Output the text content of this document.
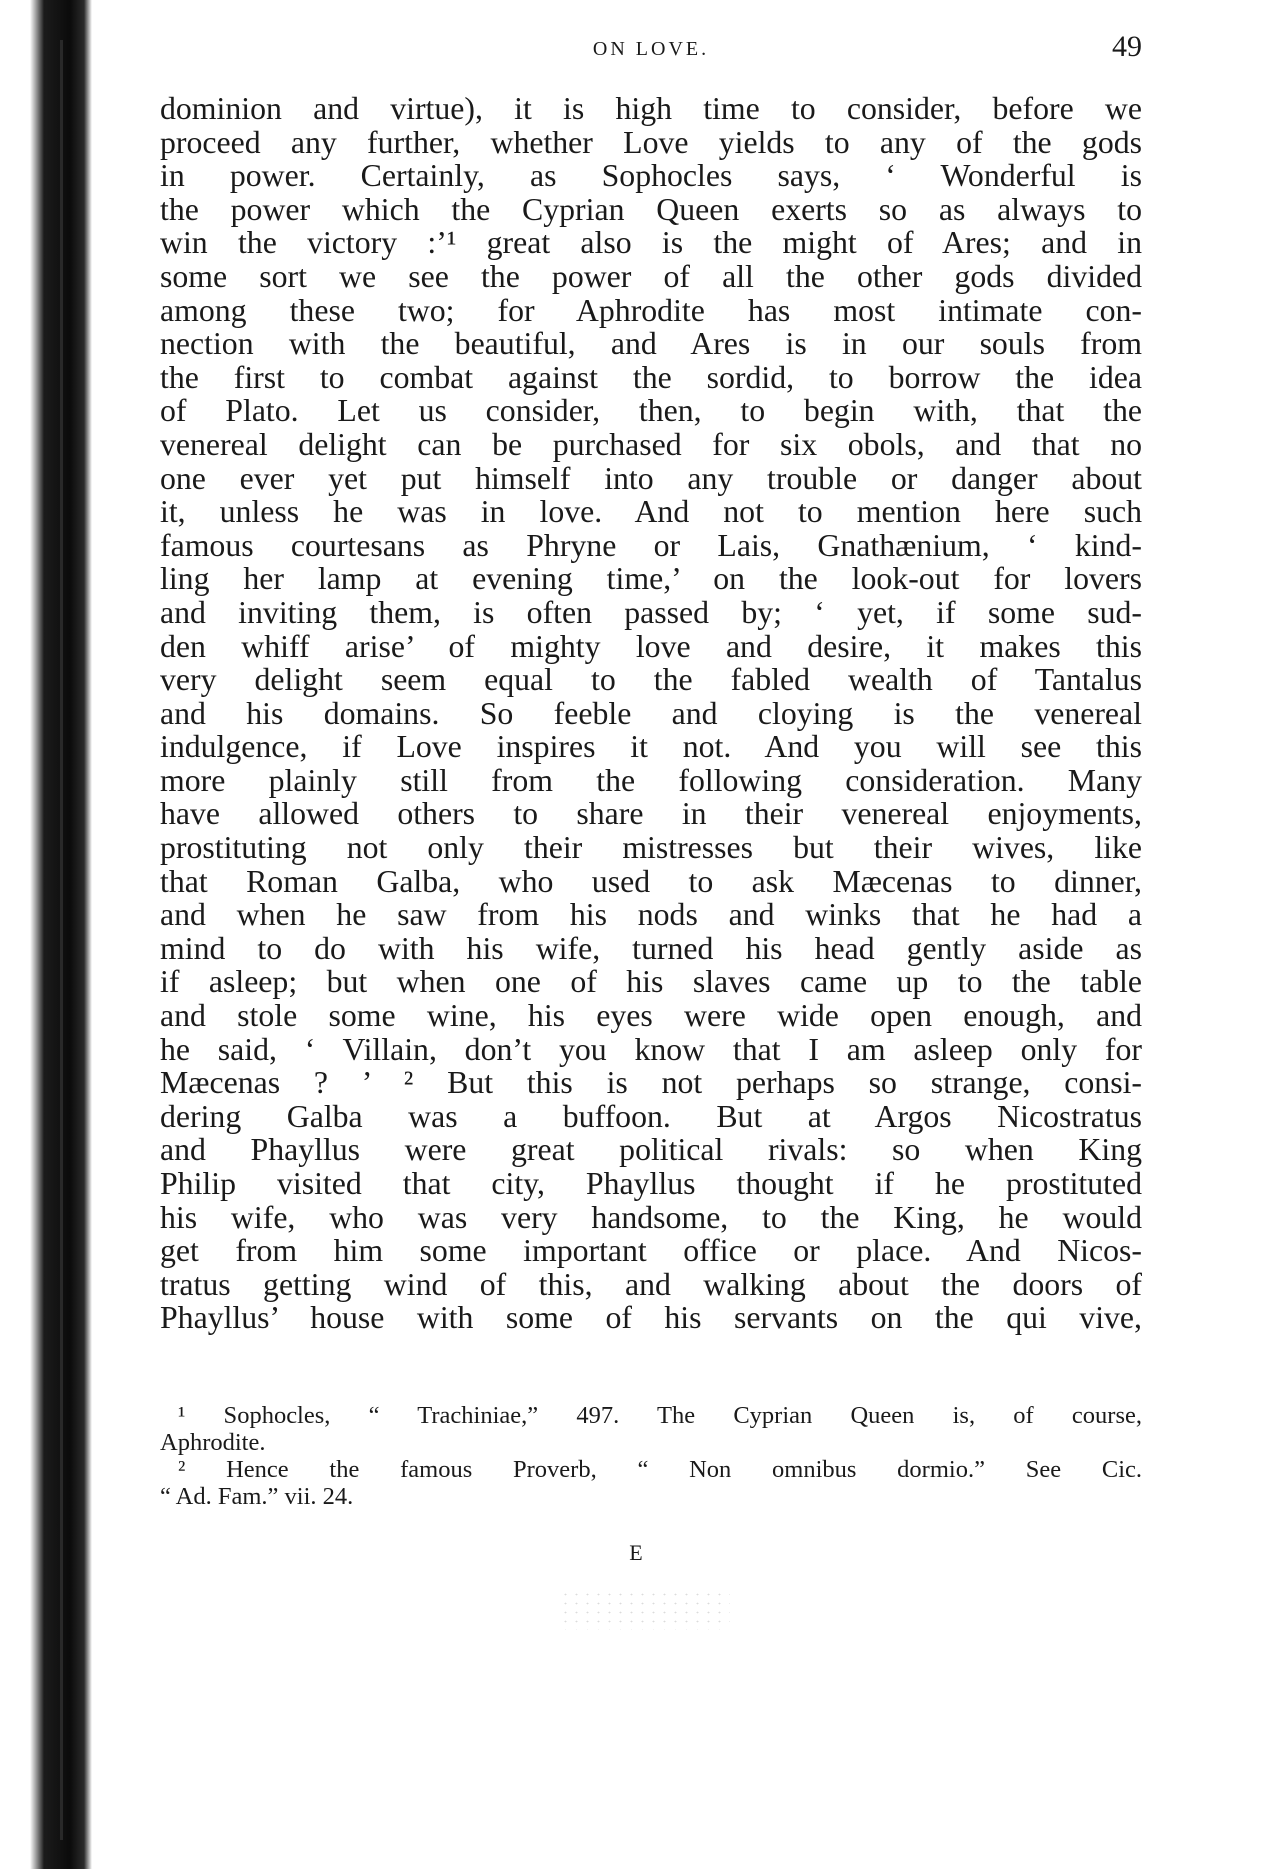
ON LOVE.	49
dominion and virtue), it is high time to consider, before we
proceed any further, whether Love yields to any of the gods
in power. Certainly, as Sophocles says, ‘ Wonderful is
the power which the Cyprian Queen exerts so as always to
win the victory :’¹ great also is the might of Ares; and in
some sort we see the power of all the other gods divided
among these two; for Aphrodite has most intimate con-
nection with the beautiful, and Ares is in our souls from
the first to combat against the sordid, to borrow the idea
of Plato. Let us consider, then, to begin with, that the
venereal delight can be purchased for six obols, and that no
one ever yet put himself into any trouble or danger about
it, unless he was in love. And not to mention here such
famous courtesans as Phryne or Lais, Gnathænium, ‘ kind-
ling her lamp at evening time,’ on the look-out for lovers
and inviting them, is often passed by; ‘ yet, if some sud-
den whiff arise’ of mighty love and desire, it makes this
very delight seem equal to the fabled wealth of Tantalus
and his domains. So feeble and cloying is the venereal
indulgence, if Love inspires it not. And you will see this
more plainly still from the following consideration. Many
have allowed others to share in their venereal enjoyments,
prostituting not only their mistresses but their wives, like
that Roman Galba, who used to ask Mæcenas to dinner,
and when he saw from his nods and winks that he had a
mind to do with his wife, turned his head gently aside as
if asleep; but when one of his slaves came up to the table
and stole some wine, his eyes were wide open enough, and
he said, ‘ Villain, don’t you know that I am asleep only for
Mæcenas ? ’ ² But this is not perhaps so strange, consi-
dering Galba was a buffoon. But at Argos Nicostratus
and Phayllus were great political rivals: so when King
Philip visited that city, Phayllus thought if he prostituted
his wife, who was very handsome, to the King, he would
get from him some important office or place. And Nicos-
tratus getting wind of this, and walking about the doors of
Phayllus’ house with some of his servants on the qui vive,
¹ Sophocles, “ Trachiniae,” 497. The Cyprian Queen is, of course,
Aphrodite.
² Hence the famous Proverb, “ Non omnibus dormio.” See Cic.
“ Ad. Fam.” vii. 24.
E
